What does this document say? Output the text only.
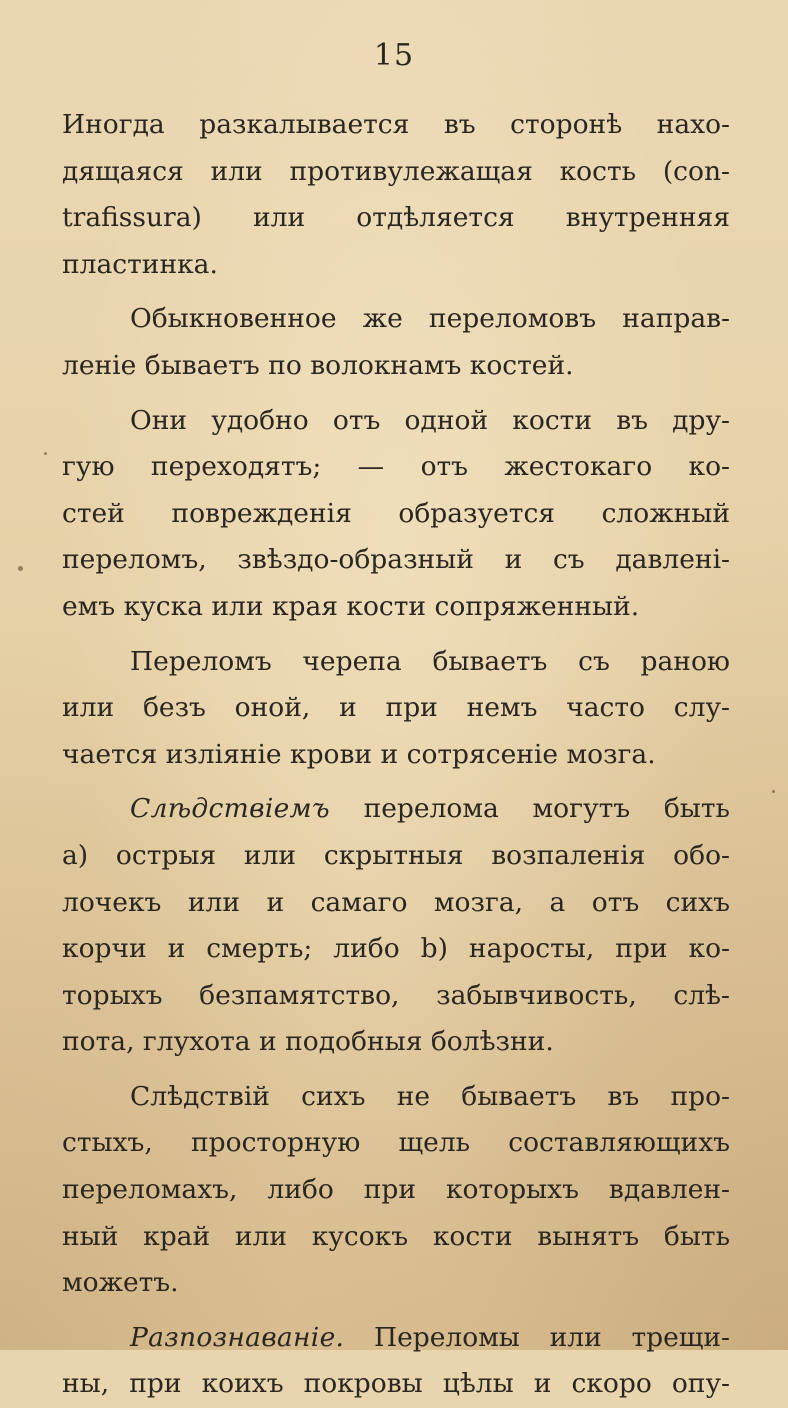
15
Иногда разкалывается въ сторонѣ нахо-
дящаяся или противулежащая кость (con-
trafissura) или отдѣляется внутренняя
пластинка.
Обыкновенное же переломовъ направ-
леніе бываетъ по волокнамъ костей.
Они удобно отъ одной кости въ дру-
гую переходятъ; — отъ жестокаго ко-
стей поврежденія образуется сложный
переломъ, звѣздо-образный и съ давлені-
емъ куска или края кости сопряженный.
Переломъ черепа бываетъ съ раною
или безъ оной, и при немъ часто слу-
чается изліяніе крови и сотрясеніе мозга.
Слѣдствіемъ перелома могутъ быть
а) острыя или скрытныя возпаленія обо-
лочекъ или и самаго мозга, а отъ сихъ
корчи и смерть; либо b) наросты, при ко-
торыхъ безпамятство, забывчивость, слѣ-
пота, глухота и подобныя болѣзни.
Слѣдствій сихъ не бываетъ въ про-
стыхъ, просторную щель составляющихъ
переломахъ, либо при которыхъ вдавлен-
ный край или кусокъ кости вынятъ быть
можетъ.
Разпознаваніе. Переломы или трещи-
ны, при коихъ покровы цѣлы и скоро опу-
